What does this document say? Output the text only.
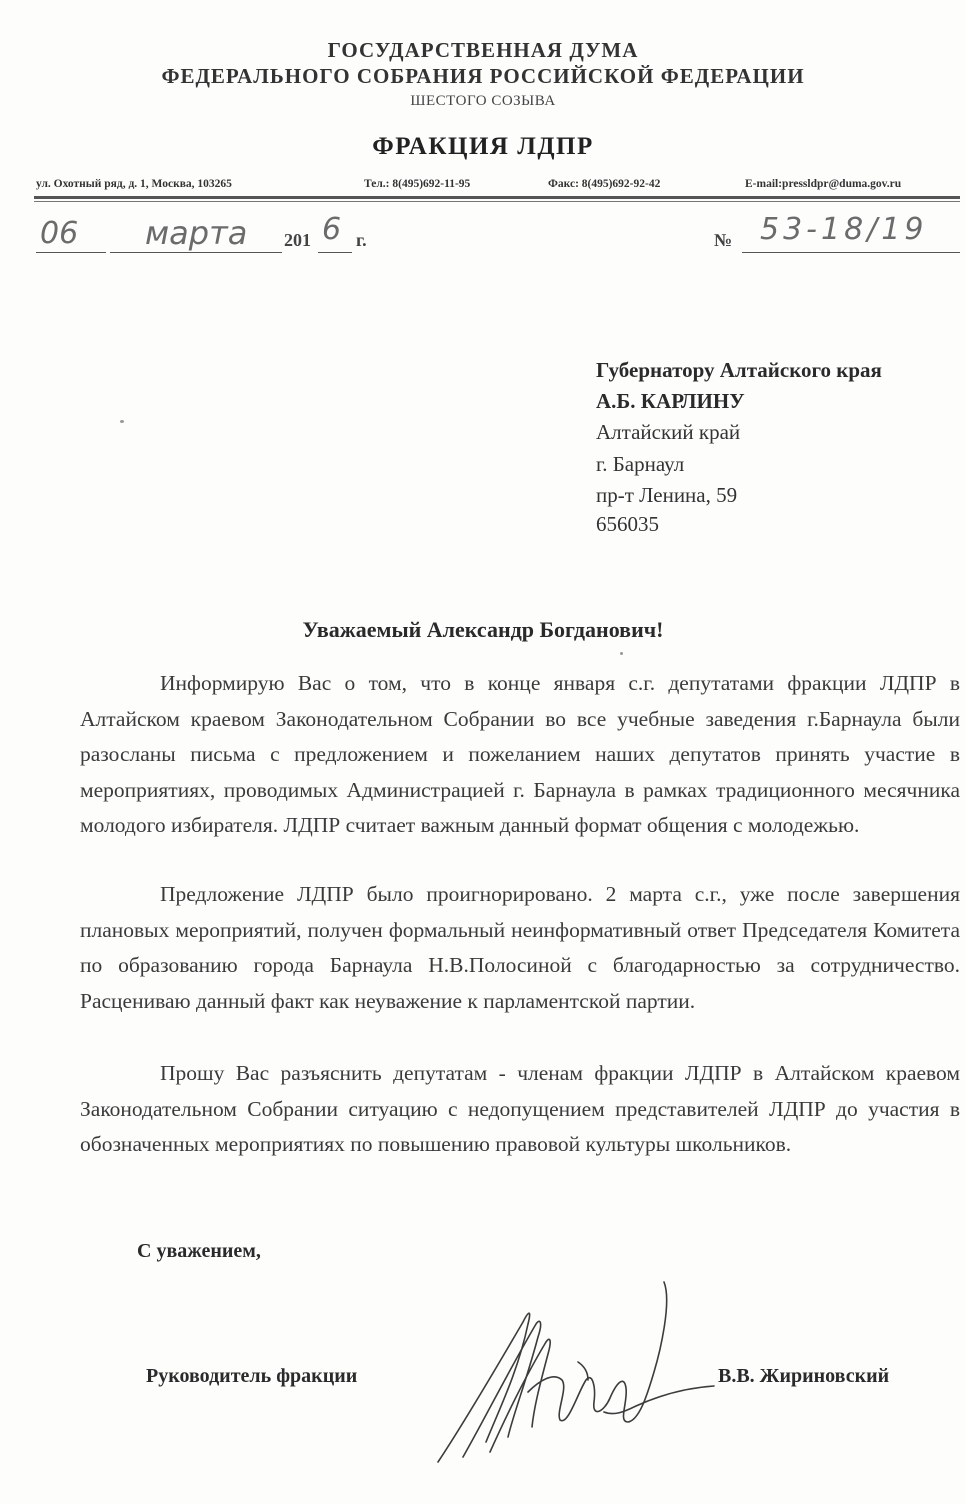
ГОСУДАРСТВЕННАЯ ДУМА
ФЕДЕРАЛЬНОГО СОБРАНИЯ РОССИЙСКОЙ ФЕДЕРАЦИИ
ШЕСТОГО СОЗЫВА
ФРАКЦИЯ ЛДПР
ул. Охотный ряд, д. 1, Москва, 103265	Тел.: 8(495)692-11-95	Факс: 8(495)692-92-42	E-mail:pressldpr@duma.gov.ru
06 марта 201 6 г.	№ 53-18/19
Губернатору Алтайского края
А.Б. КАРЛИНУ
Алтайский край
г. Барнаул
пр-т Ленина, 59
656035
Уважаемый Александр Богданович!

Информирую Вас о том, что в конце января с.г. депутатами фракции ЛДПР в Алтайском краевом Законодательном Собрании во все учебные заведения г.Барнаула были разосланы письма с предложением и пожеланием наших депутатов принять участие в мероприятиях, проводимых Администрацией г. Барнаула в рамках традиционного месячника молодого избирателя. ЛДПР считает важным данный формат общения с молодежью.

Предложение ЛДПР было проигнорировано. 2 марта с.г., уже после завершения плановых мероприятий, получен формальный неинформативный ответ Председателя Комитета по образованию города Барнаула Н.В.Полосиной с благодарностью за сотрудничество. Расцениваю данный факт как неуважение к парламентской партии.

Прошу Вас разъяснить депутатам - членам фракции ЛДПР в Алтайском краевом Законодательном Собрании ситуацию с недопущением представителей ЛДПР до участия в обозначенных мероприятиях по повышению правовой культуры школьников.

С уважением,
Руководитель фракции	В.В. Жириновский
